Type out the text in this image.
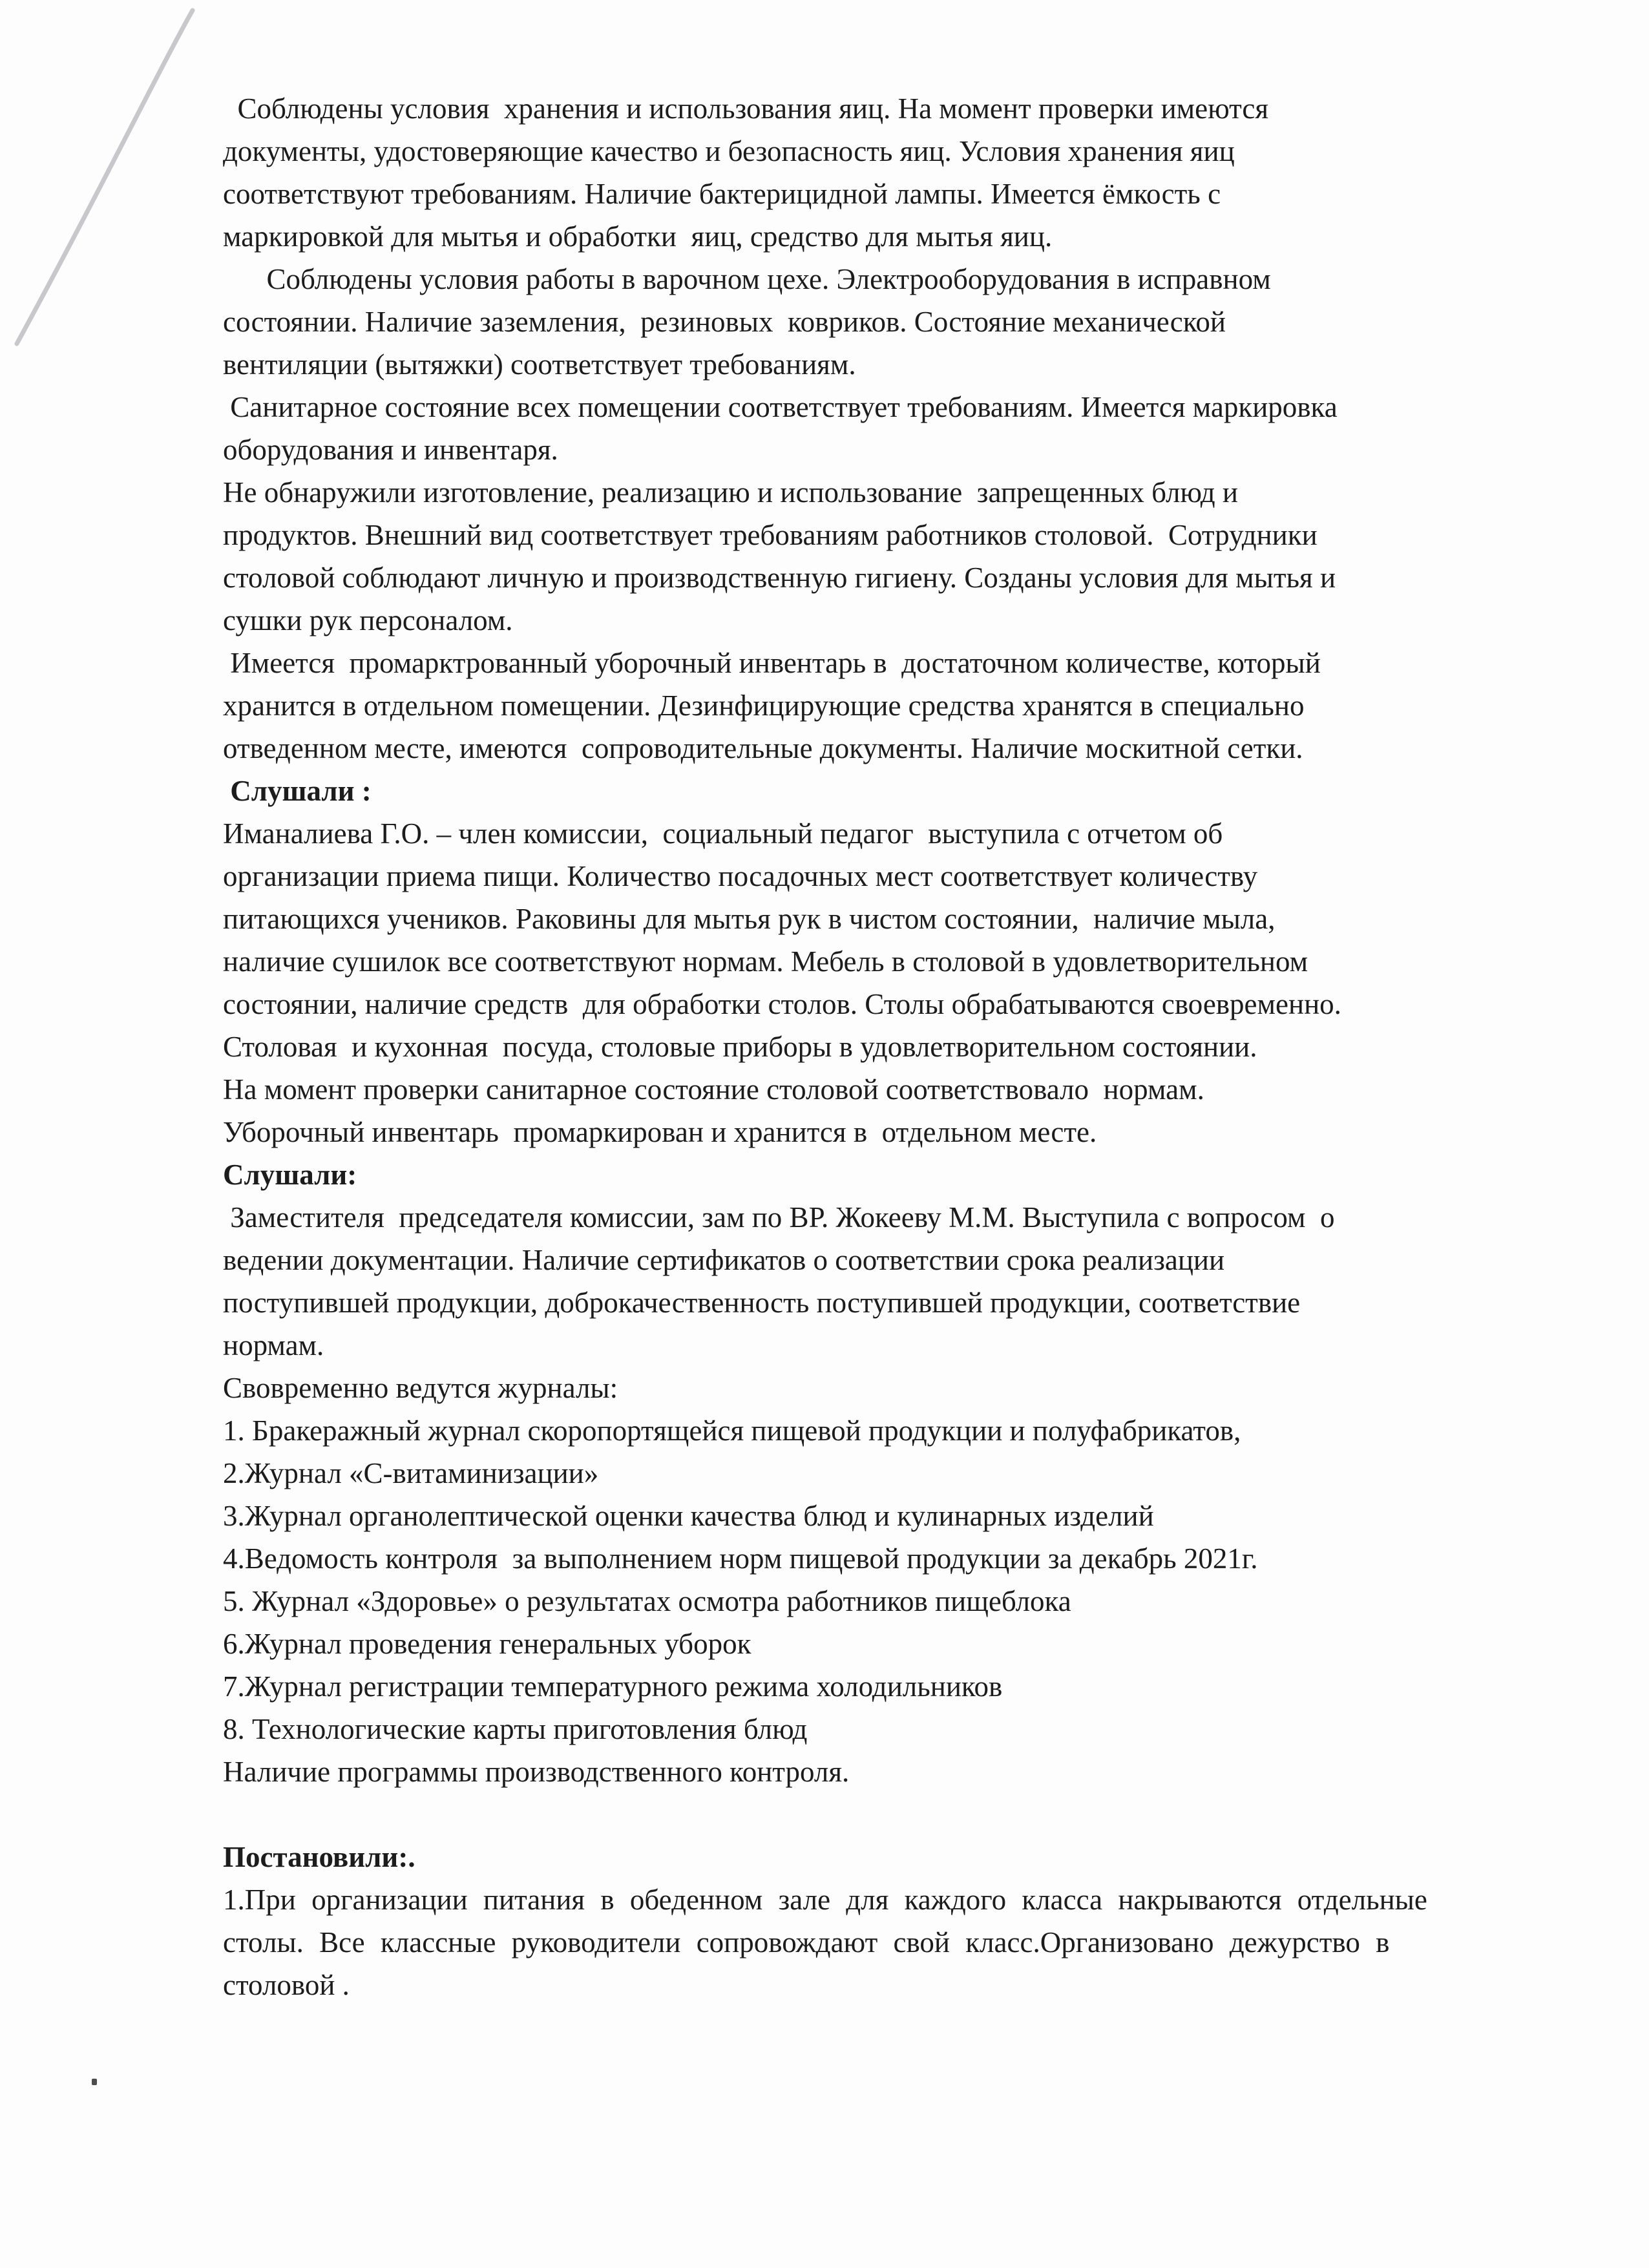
Соблюдены условия  хранения и использования яиц. На момент проверки имеются
документы, удостоверяющие качество и безопасность яиц. Условия хранения яиц
соответствуют требованиям. Наличие бактерицидной лампы. Имеется ёмкость с
маркировкой для мытья и обработки  яиц, средство для мытья яиц.
Соблюдены условия работы в варочном цехе. Электрооборудования в исправном
состоянии. Наличие заземления,  резиновых  ковриков. Состояние механической
вентиляции (вытяжки) соответствует требованиям.
Санитарное состояние всех помещении соответствует требованиям. Имеется маркировка
оборудования и инвентаря.
Не обнаружили изготовление, реализацию и использование  запрещенных блюд и
продуктов. Внешний вид соответствует требованиям работников столовой.  Сотрудники
столовой соблюдают личную и производственную гигиену. Созданы условия для мытья и
сушки рук персоналом.
Имеется  промарктрованный уборочный инвентарь в  достаточном количестве, который
хранится в отдельном помещении. Дезинфицирующие средства хранятся в специально
отведенном месте, имеются  сопроводительные документы. Наличие москитной сетки.
Слушали :
Иманалиева Г.О. – член комиссии,  социальный педагог  выступила с отчетом об
организации приема пищи. Количество посадочных мест соответствует количеству
питающихся учеников. Раковины для мытья рук в чистом состоянии,  наличие мыла,
наличие сушилок все соответствуют нормам. Мебель в столовой в удовлетворительном
состоянии, наличие средств  для обработки столов. Столы обрабатываются своевременно.
Столовая  и кухонная  посуда, столовые приборы в удовлетворительном состоянии.
На момент проверки санитарное состояние столовой соответствовало  нормам.
Уборочный инвентарь  промаркирован и хранится в  отдельном месте.
Слушали:
Заместителя  председателя комиссии, зам по ВР. Жокееву М.М. Выступила с вопросом  о
ведении документации. Наличие сертификатов о соответствии срока реализации
поступившей продукции, доброкачественность поступившей продукции, соответствие
нормам.
Свовременно ведутся журналы:
1. Бракеражный журнал скоропортящейся пищевой продукции и полуфабрикатов,
2.Журнал «С-витаминизации»
3.Журнал органолептической оценки качества блюд и кулинарных изделий
4.Ведомость контроля  за выполнением норм пищевой продукции за декабрь 2021г.
5. Журнал «Здоровье» о результатах осмотра работников пищеблока
6.Журнал проведения генеральных уборок
7.Журнал регистрации температурного режима холодильников
8. Технологические карты приготовления блюд
Наличие программы производственного контроля.
Постановили:.
1.При организации питания в обеденном зале для каждого класса накрываются отдельные
столы. Все классные руководители сопровождают свой класс.Организовано дежурство в
столовой .
